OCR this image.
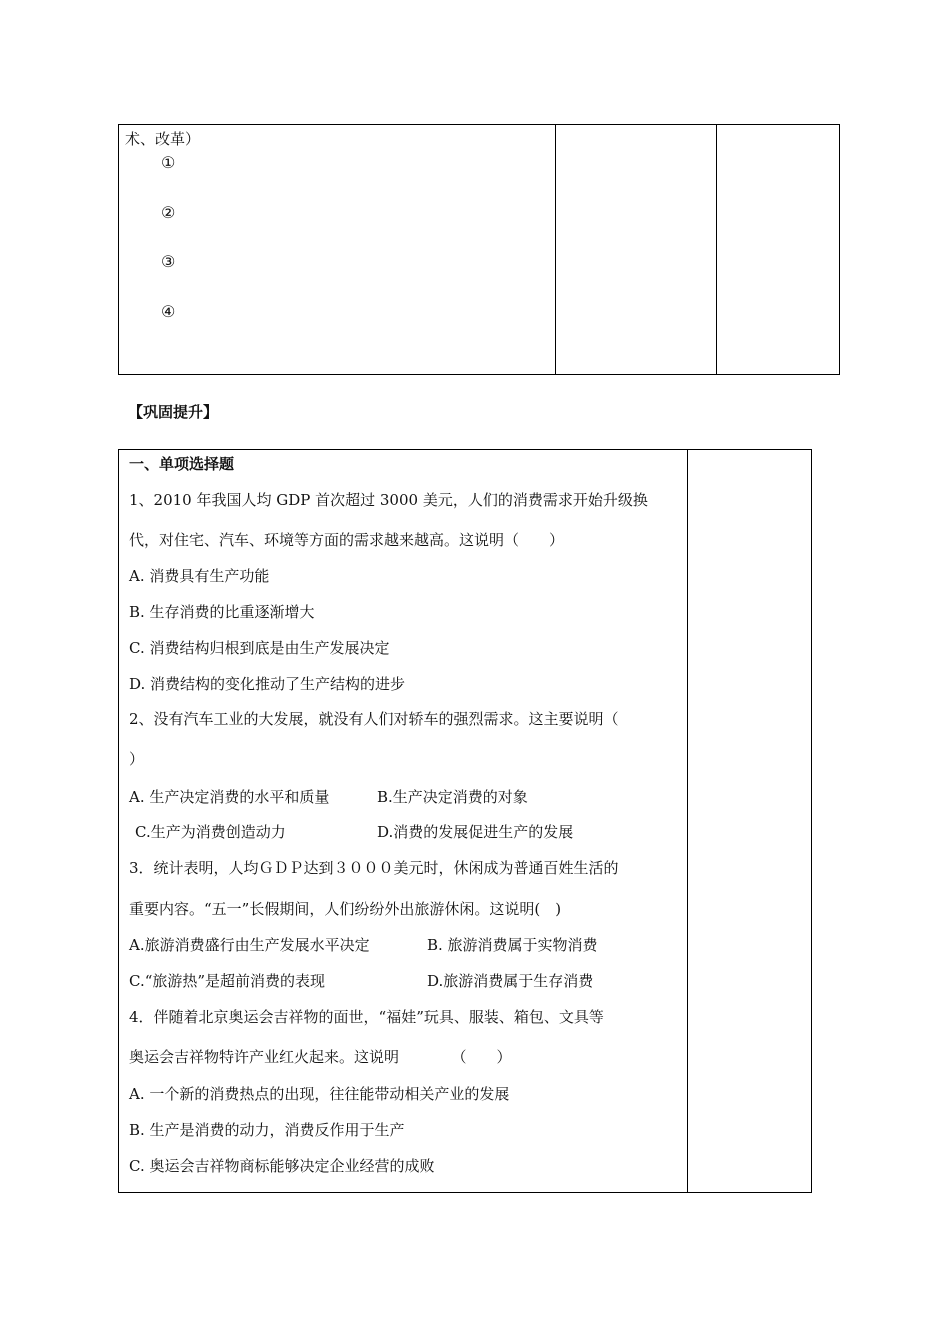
术、改革）
①
②
③
④
【巩固提升】
一、单项选择题
1、2010 年我国人均 GDP 首次超过 3000 美元，人们的消费需求开始升级换
代，对住宅、汽车、环境等方面的需求越来越高。这说明（　　）
A. 消费具有生产功能
B. 生存消费的比重逐渐增大
C. 消费结构归根到底是由生产发展决定
D. 消费结构的变化推动了生产结构的进步
2、没有汽车工业的大发展，就没有人们对轿车的强烈需求。这主要说明（
）
A. 生产决定消费的水平和质量	B.生产决定消费的对象
C.生产为消费创造动力	D.消费的发展促进生产的发展
3．统计表明，人均ＧＤＰ达到３０００美元时，休闲成为普通百姓生活的
重要内容。“五一”长假期间，人们纷纷外出旅游休闲。这说明(　)
A.旅游消费盛行由生产发展水平决定	B. 旅游消费属于实物消费
C.“旅游热”是超前消费的表现	D.旅游消费属于生存消费
4．伴随着北京奥运会吉祥物的面世，“福娃”玩具、服装、箱包、文具等
奥运会吉祥物特许产业红火起来。这说明　　　　（　　）
A. 一个新的消费热点的出现，往往能带动相关产业的发展
B. 生产是消费的动力，消费反作用于生产
C. 奥运会吉祥物商标能够决定企业经营的成败
